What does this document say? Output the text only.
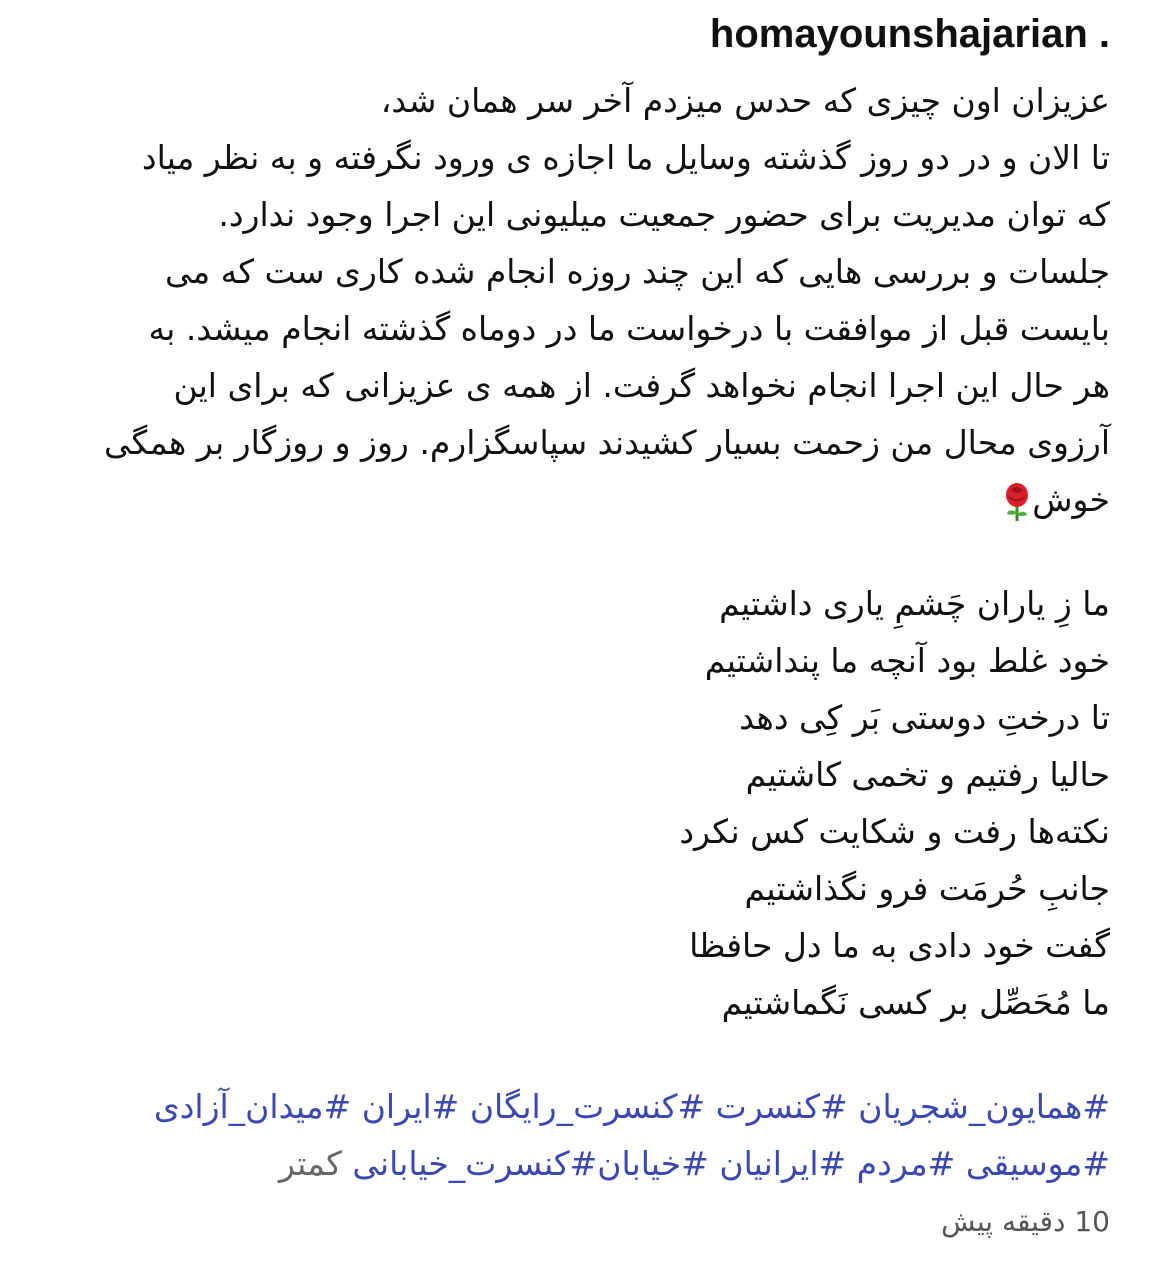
homayounshajarian .
عزیزان اون چیزی که حدس میزدم آخر سر همان شد،
تا الان و در دو روز گذشته وسایل ما اجازه ی ورود نگرفته و به نظر میاد
که توان مدیریت برای حضور جمعیت میلیونی این اجرا وجود ندارد.
جلسات و بررسی هایی که این چند روزه انجام شده کاری ست که می
بایست قبل از موافقت با درخواست ما در دوماه گذشته انجام میشد. به
هر حال این اجرا انجام نخواهد گرفت. از همه ی عزیزانی که برای این
آرزوی محال من زحمت بسیار کشیدند سپاسگزارم. روز و روزگار بر همگی
خوش
ما زِ یاران چَشمِ یاری داشتیم
خود غلط بود آنچه ما پنداشتیم
تا درختِ دوستی بَر کِی دهد
حالیا رفتیم و تخمی کاشتیم
نکته‌ها رفت و شکایت کس نکرد
جانبِ حُرمَت فرو نگذاشتیم
گفت خود دادی به ما دل حافظا
ما مُحَصِّل بر کسی نَگماشتیم
#همایون_شجریان #کنسرت #کنسرت_رایگان #ایران #میدان_آزادی
#موسیقی #مردم #ایرانیان #خیابان#کنسرت_خیابانی کمتر
10 دقیقه پیش
